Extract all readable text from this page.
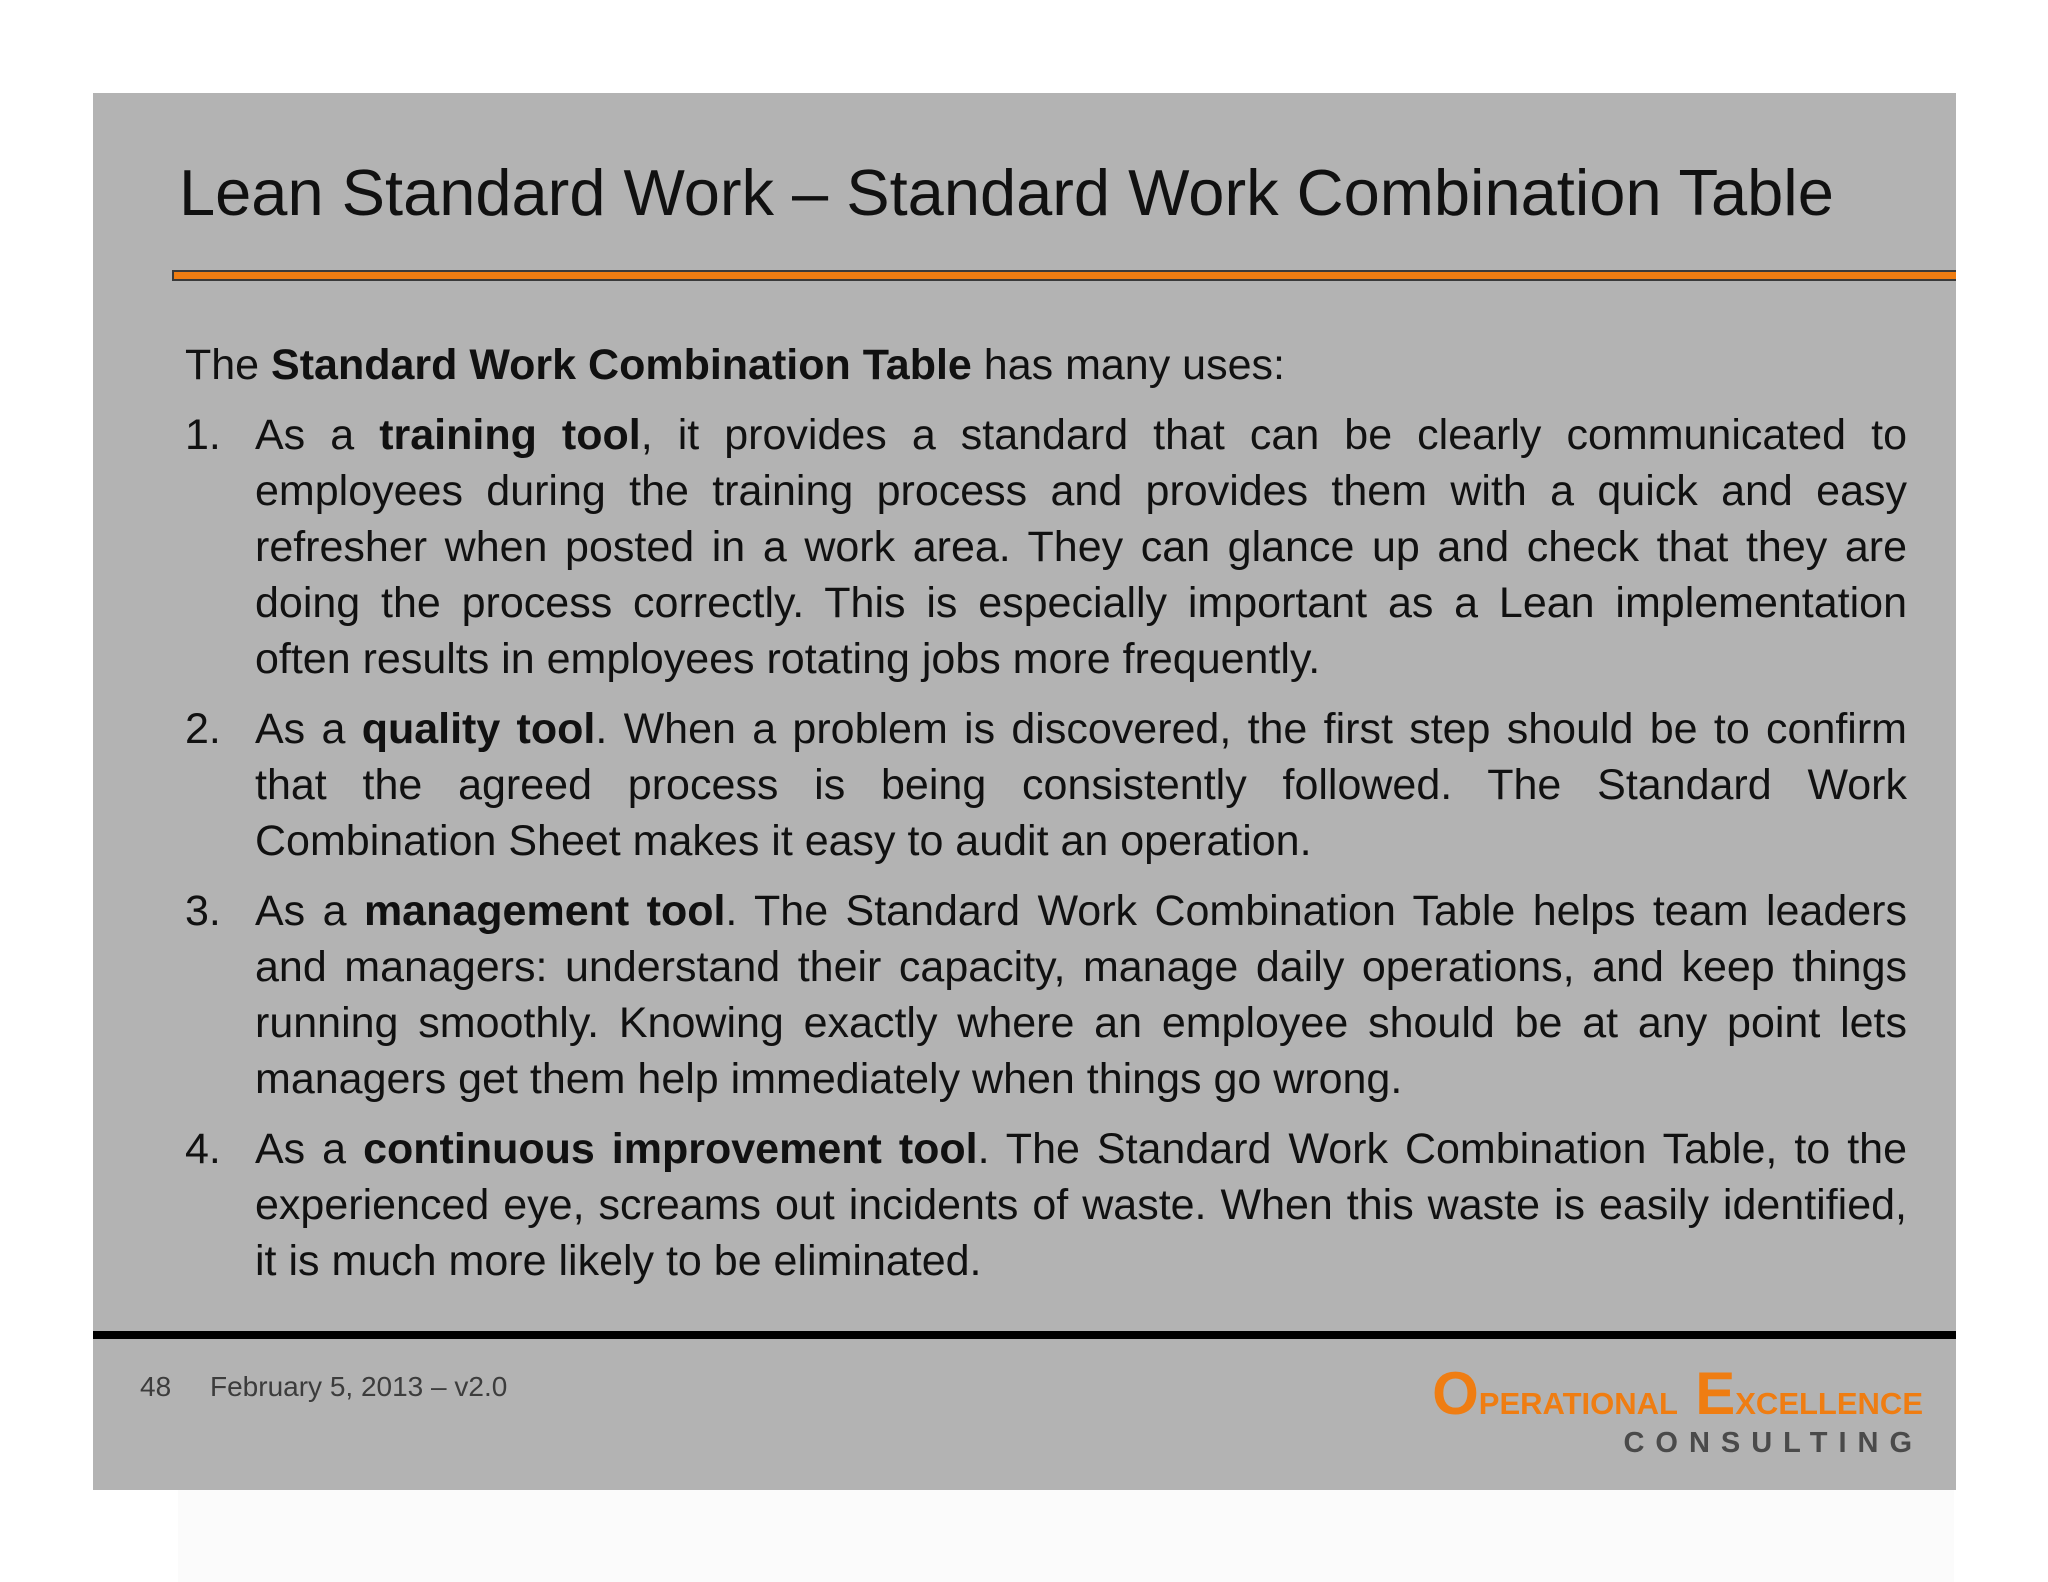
Lean Standard Work – Standard Work Combination Table

The Standard Work Combination Table has many uses:

1. As a training tool, it provides a standard that can be clearly communicated to employees during the training process and provides them with a quick and easy refresher when posted in a work area. They can glance up and check that they are doing the process correctly. This is especially important as a Lean implementation often results in employees rotating jobs more frequently.
2. As a quality tool. When a problem is discovered, the first step should be to confirm that the agreed process is being consistently followed. The Standard Work Combination Sheet makes it easy to audit an operation.
3. As a management tool. The Standard Work Combination Table helps team leaders and managers: understand their capacity, manage daily operations, and keep things running smoothly. Knowing exactly where an employee should be at any point lets managers get them help immediately when things go wrong.
4. As a continuous improvement tool. The Standard Work Combination Table, to the experienced eye, screams out incidents of waste. When this waste is easily identified, it is much more likely to be eliminated.
48 February 5, 2013 – v2.0	OPERATIONAL EXCELLENCE
CONSULTING
